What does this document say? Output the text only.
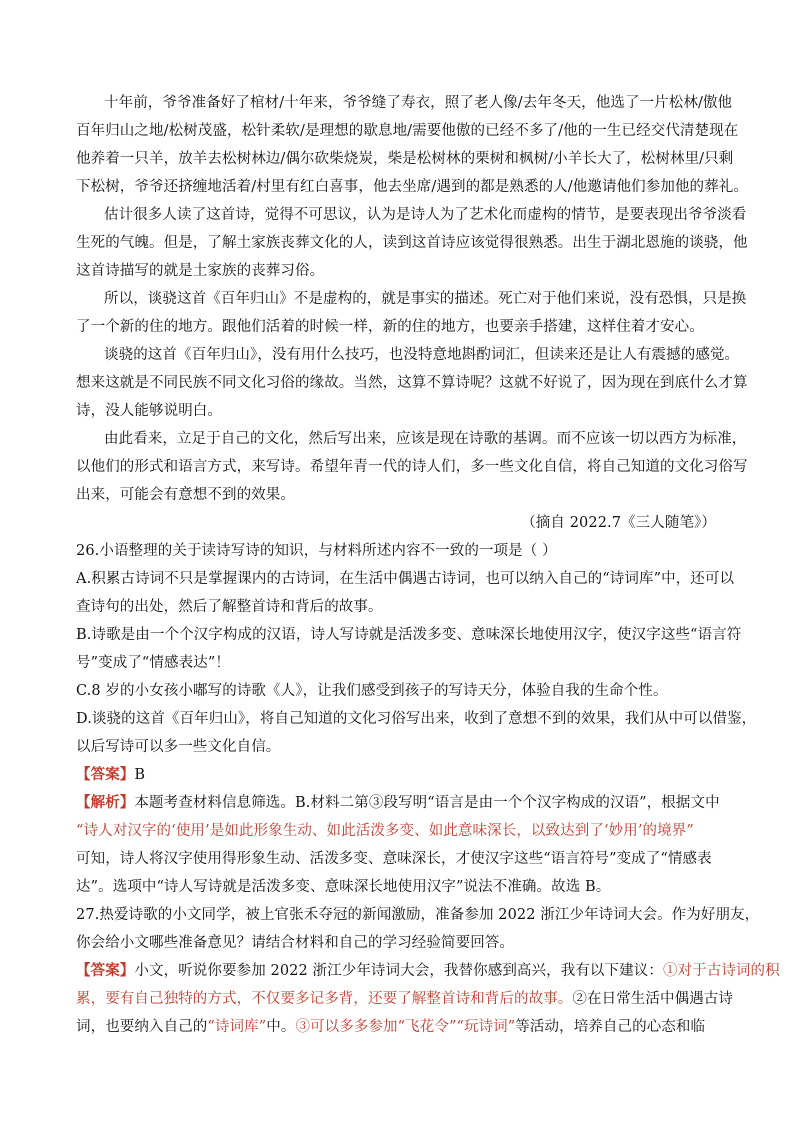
十年前，爷爷准备好了棺材/十年来，爷爷缝了寿衣，照了老人像/去年冬天，他选了一片松林/傲他
百年归山之地/松树茂盛，松针柔软/是理想的歇息地/需要他傲的已经不多了/他的一生已经交代清楚现在
他养着一只羊，放羊去松树林边/偶尔砍柴烧炭，柴是松树林的栗树和枫树/小羊长大了，松树林里/只剩
下松树，爷爷还挤缠地活着/村里有红白喜事，他去坐席/遇到的都是熟悉的人/他邀请他们参加他的葬礼。
估计很多人读了这首诗，觉得不可思议，认为是诗人为了艺术化而虚构的情节，是要表现出爷爷淡看
生死的气魄。但是，了解土家族丧葬文化的人，读到这首诗应该觉得很熟悉。出生于湖北恩施的谈骁，他
这首诗描写的就是土家族的丧葬习俗。
所以，谈骁这首《百年归山》不是虚构的，就是事实的描述。死亡对于他们来说，没有恐惧，只是换
了一个新的住的地方。跟他们活着的时候一样，新的住的地方，也要亲手搭建，这样住着才安心。
谈骁的这首《百年归山》，没有用什么技巧，也没特意地斟酌词汇，但读来还是让人有震撼的感觉。
想来这就是不同民族不同文化习俗的缘故。当然，这算不算诗呢？这就不好说了，因为现在到底什么才算
诗，没人能够说明白。
由此看来，立足于自己的文化，然后写出来，应该是现在诗歌的基调。而不应该一切以西方为标准，
以他们的形式和语言方式，来写诗。希望年青一代的诗人们，多一些文化自信，将自己知道的文化习俗写
出来，可能会有意想不到的效果。
（摘自 2022.7《三人随笔》）
26.小语整理的关于读诗写诗的知识，与材料所述内容不一致的一项是（ ）
A.积累古诗词不只是掌握课内的古诗词，在生活中偶遇古诗词，也可以纳入自己的“诗词库”中，还可以
查诗句的出处，然后了解整首诗和背后的故事。
B.诗歌是由一个个汉字构成的汉语，诗人写诗就是活泼多变、意味深长地使用汉字，使汉字这些“语言符
号”变成了“情感表达”！
C.8 岁的小女孩小嘟写的诗歌《人》，让我们感受到孩子的写诗天分，体验自我的生命个性。
D.谈骁的这首《百年归山》，将自己知道的文化习俗写出来，收到了意想不到的效果，我们从中可以借鉴，
以后写诗可以多一些文化自信。
【答案】B
【解析】本题考查材料信息筛选。B.材料二第③段写明“语言是由一个个汉字构成的汉语”，根据文中
“诗人对汉字的‘使用’是如此形象生动、如此活泼多变、如此意味深长，以致达到了‘妙用’的境界”
可知，诗人将汉字使用得形象生动、活泼多变、意味深长，才使汉字这些“语言符号”变成了“情感表
达”。选项中“诗人写诗就是活泼多变、意味深长地使用汉字”说法不准确。故选 B。
27.热爱诗歌的小文同学，被上官张禾夺冠的新闻激励，准备参加 2022 浙江少年诗词大会。作为好朋友，
你会给小文哪些准备意见？请结合材料和自己的学习经验简要回答。
【答案】小文，听说你要参加 2022 浙江少年诗词大会，我替你感到高兴，我有以下建议：①对于古诗词的积
累，要有自己独特的方式，不仅要多记多背，还要了解整首诗和背后的故事。②在日常生活中偶遇古诗
词，也要纳入自己的“诗词库”中。③可以多多参加“飞花令”“玩诗词”等活动，培养自己的心态和临
